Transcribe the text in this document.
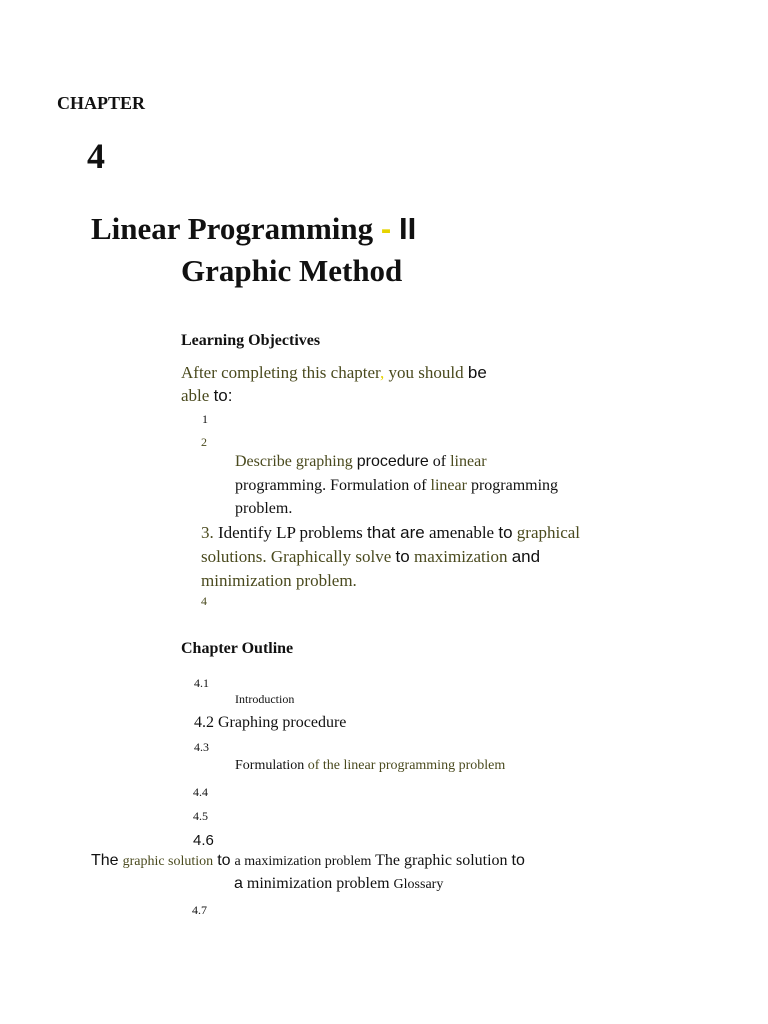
CHAPTER
4
Linear Programming - II
Graphic Method
Learning Objectives
After completing this chapter, you should be
able to:
1
2
Describe graphing procedure of linear
programming. Formulation of linear programming
problem.
3. Identify LP problems that are amenable to graphical
solutions. Graphically solve to maximization and
minimization problem.
4
Chapter Outline
4.1
Introduction
4.2 Graphing procedure
4.3
Formulation of the linear programming problem
4.4
4.5
4.6
The graphic solution to a maximization problem The graphic solution to
a minimization problem Glossary
4.7
